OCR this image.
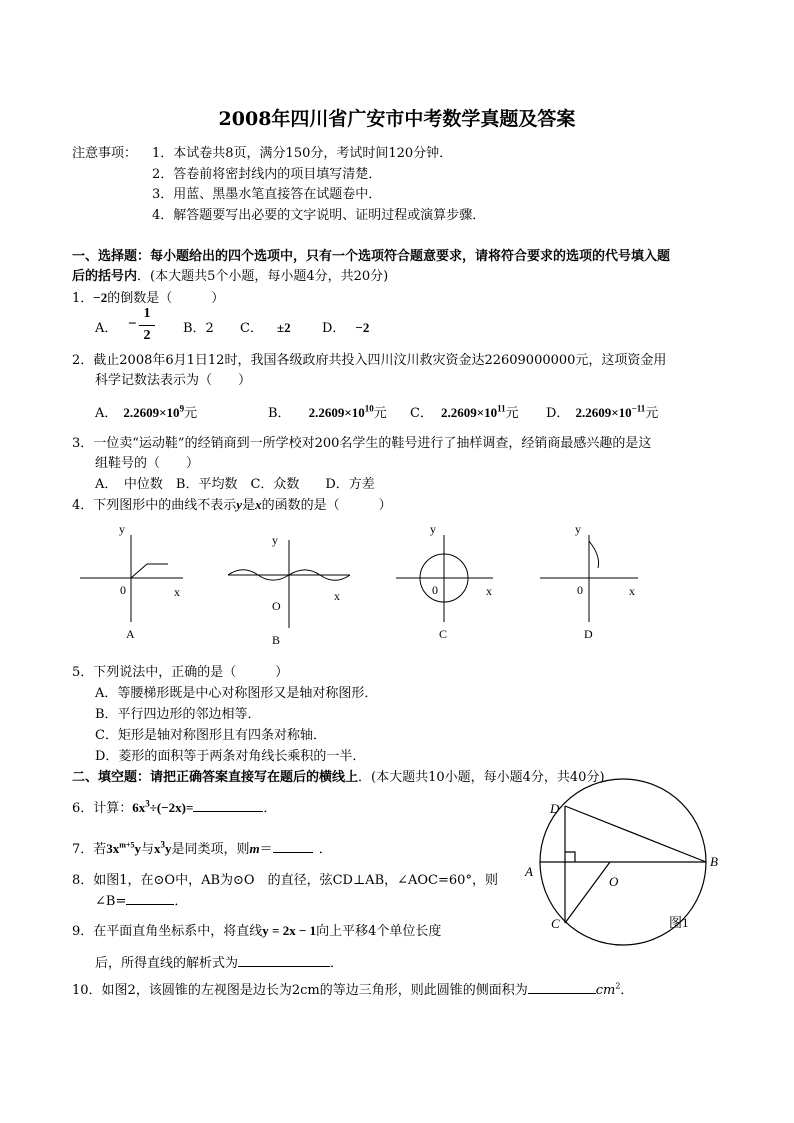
2008年四川省广安市中考数学真题及答案
注意事项： 1．本试卷共8页，满分150分，考试时间120分钟．
2．答卷前将密封线内的项目填写清楚．
3．用蓝、黑墨水笔直接答在试题卷中．
4．解答题要写出必要的文字说明、证明过程或演算步骤．
一、选择题：每小题给出的四个选项中，只有一个选项符合题意要求，请将符合要求的选项的代号填入题
后的括号内．(本大题共5个小题，每小题4分，共20分)
1．−2的倒数是（　　　）
A． −
1
2	B．2 C． ±2 D． −2
2．截止2008年6月1日12时，我国各级政府共投入四川汶川救灾资金达22609000000元，这项资金用
科学记数法表示为（　　）
A． $2.2609\times 10^9$元	B． $2.2609\times 10^{10}$元 C． $2.2609\times 10^{11}$元 D． $2.2609\times 10^{-11}$元
3．一位卖“运动鞋”的经销商到一所学校对200名学生的鞋号进行了抽样调查，经销商最感兴趣的是这
组鞋号的（　　）
A．　中位数　B．平均数　C．众数　　D．方差
4．下列图形中的曲线不表示y是x的函数的是（　　　）
y
x
0
A
y
x
O
B
y
x
0
C
y
x
0
D
D
A
B
O
C	图1
5．下列说法中，正确的是（　　　）
A．等腰梯形既是中心对称图形又是轴对称图形．
B．平行四边形的邻边相等．
C．矩形是轴对称图形且有四条对称轴．
D．菱形的面积等于两条对角线长乘积的一半．
二、填空题：请把正确答案直接写在题后的横线上．(本大题共10小题，每小题4分，共40分)
6．计算：$6x^3\div(-2x)=$	．
7．若$3x^{m+5}y$与$x^3y$是同类项，则m＝	．
8．如图1，在⊙O中，AB为⊙O　的直径，弦CD⊥AB，∠AOC=60°，则
∠B=	．
9．在平面直角坐标系中，将直线y = 2x − 1向上平移4个单位长度
后，所得直线的解析式为	．
10．如图2，该圆锥的左视图是边长为2cm的等边三角形，则此圆锥的侧面积为	$cm^2$．
